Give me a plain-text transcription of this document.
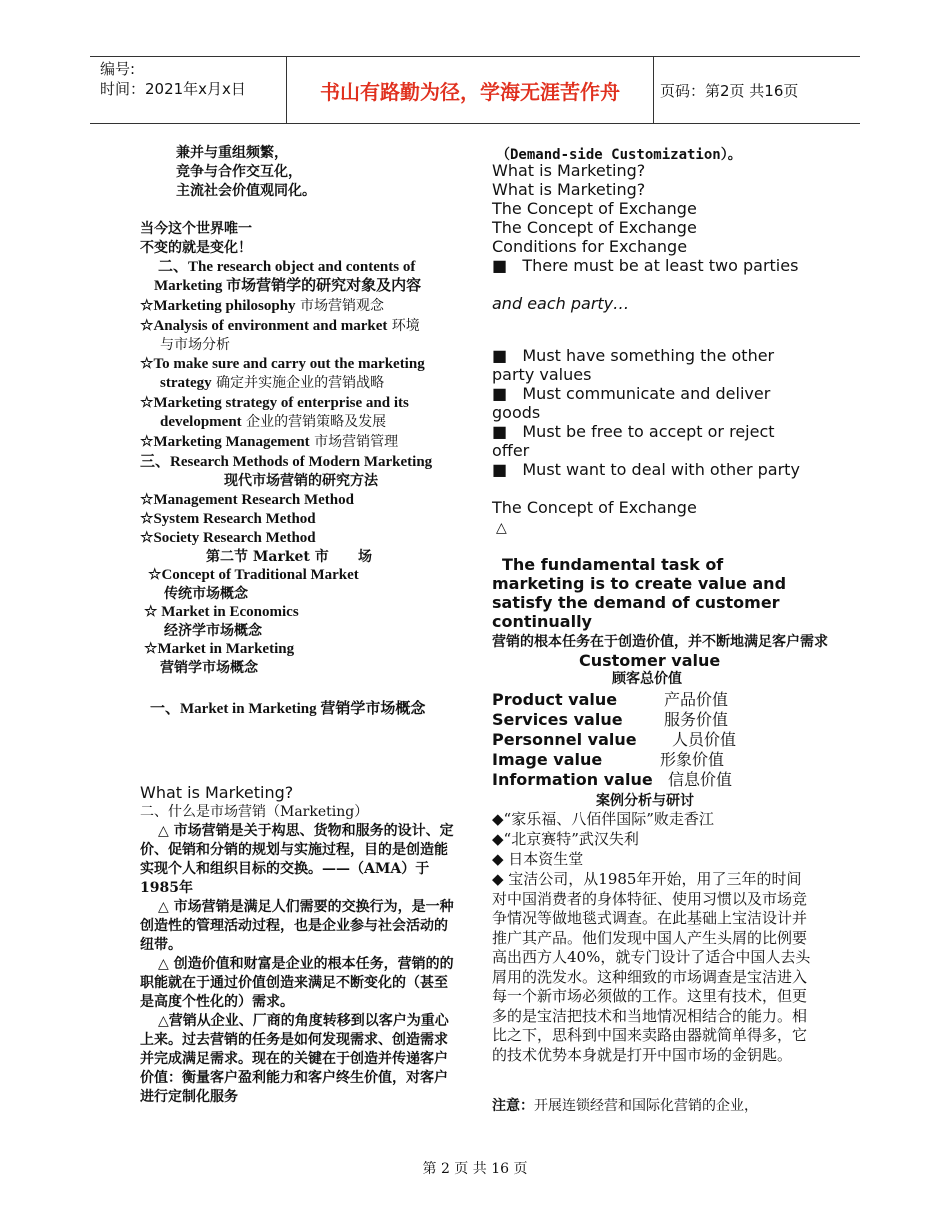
编号:
时间：2021年x月x日	书山有路勤为径，学海无涯苦作舟	页码：第2页 共16页
兼并与重组频繁，
竞争与合作交互化，
主流社会价值观同化。
当今这个世界唯一
不变的就是变化！
二、The research object and contents of
Marketing 市场营销学的研究对象及内容
☆Marketing philosophy 市场营销观念
☆Analysis of environment and market 环境
与市场分析
☆To make sure and carry out the marketing
strategy 确定并实施企业的营销战略
☆Marketing strategy of enterprise and its
development 企业的营销策略及发展
☆Marketing Management 市场营销管理
三、Research Methods of Modern Marketing
现代市场营销的研究方法
☆Management Research Method
☆System Research Method
☆Society Research Method
第二节 Market 市      场
☆Concept of Traditional Market
传统市场概念
☆ Market in Economics
经济学市场概念
☆Market in Marketing
营销学市场概念
一、Market in Marketing 营销学市场概念
What is Marketing?
二、什么是市场营销（Marketing）
△ 市场营销是关于构思、货物和服务的设计、定价、促销和分销的规划与实施过程，目的是创造能实现个人和组织目标的交换。——（AMA）于1985年
△ 市场营销是满足人们需要的交换行为，是一种创造性的管理活动过程，也是企业参与社会活动的纽带。
△ 创造价值和财富是企业的根本任务，营销的的职能就在于通过价值创造来满足不断变化的（甚至是高度个性化的）需求。
△营销从企业、厂商的角度转移到以客户为重心上来。过去营销的任务是如何发现需求、创造需求并完成满足需求。现在的关键在于创造并传递客户价值：衡量客户盈利能力和客户终生价值，对客户进行定制化服务
（Demand-side Customization）。
What is Marketing?
What is Marketing?
The Concept of Exchange
The Concept of Exchange
Conditions for Exchange
■   There must be at least two parties
and each party…
■   Must have something the other party values
■   Must communicate and deliver goods
■   Must be free to accept or reject offer
■   Must want to deal with other party
The Concept of Exchange
△
The fundamental task of marketing is to create value and satisfy the demand of customer continually 营销的根本任务在于创造价值，并不断地满足客户需求
Customer value
顾客总价值
Product value	产品价值
Services value	服务价值
Personnel value 人员价值
Image value	形象价值
Information value 信息价值
案例分析与研讨
◆“家乐福、八佰伴国际”败走香江
◆“北京赛特”武汉失利
◆ 日本资生堂
◆ 宝洁公司，从1985年开始，用了三年的时间对中国消费者的身体特征、使用习惯以及市场竞争情况等做地毯式调查。在此基础上宝洁设计并推广其产品。他们发现中国人产生头屑的比例要高出西方人40%，就专门设计了适合中国人去头屑用的洗发水。这种细致的市场调查是宝洁进入每一个新市场必须做的工作。这里有技术，但更多的是宝洁把技术和当地情况相结合的能力。相比之下，思科到中国来卖路由器就简单得多，它的技术优势本身就是打开中国市场的金钥匙。
注意：开展连锁经营和国际化营销的企业，
第 2 页 共 16 页
